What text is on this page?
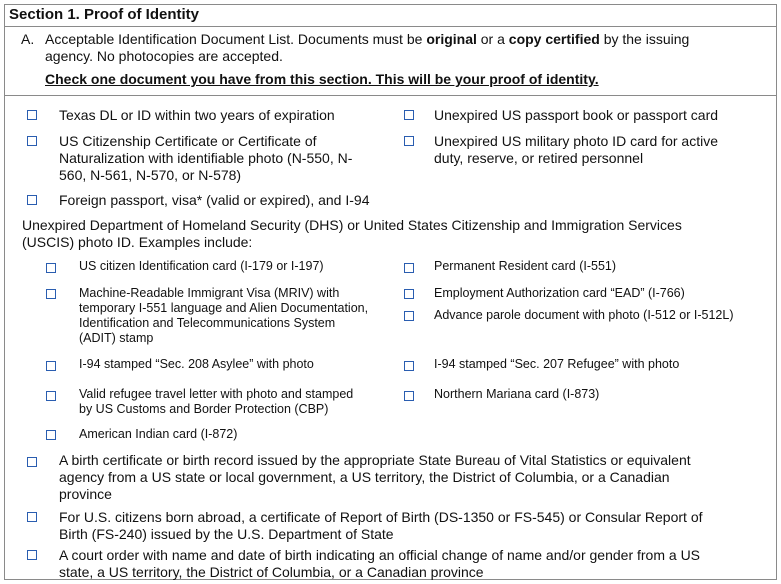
Section 1. Proof of Identity
A. Acceptable Identification Document List. Documents must be original or a copy certified by the issuing
agency. No photocopies are accepted.
Check one document you have from this section. This will be your proof of identity.
Texas DL or ID within two years of expiration	Unexpired US passport book or passport card
US Citizenship Certificate or Certificate of
Naturalization with identifiable photo (N-550, N-
560, N-561, N-570, or N-578)
Unexpired US military photo ID card for active
duty, reserve, or retired personnel
Foreign passport, visa* (valid or expired), and I-94
Unexpired Department of Homeland Security (DHS) or United States Citizenship and Immigration Services
(USCIS) photo ID. Examples include:
US citizen Identification card (I-179 or I-197)	Permanent Resident card (I-551)
Machine-Readable Immigrant Visa (MRIV) with
temporary I-551 language and Alien Documentation,
Identification and Telecommunications System
(ADIT) stamp
Employment Authorization card “EAD” (I-766)
Advance parole document with photo (I-512 or I-512L)
I-94 stamped “Sec. 208 Asylee” with photo	I-94 stamped “Sec. 207 Refugee” with photo
Valid refugee travel letter with photo and stamped
by US Customs and Border Protection (CBP)
Northern Mariana card (I-873)
American Indian card (I-872)
A birth certificate or birth record issued by the appropriate State Bureau of Vital Statistics or equivalent
agency from a US state or local government, a US territory, the District of Columbia, or a Canadian
province
For U.S. citizens born abroad, a certificate of Report of Birth (DS-1350 or FS-545) or Consular Report of
Birth (FS-240) issued by the U.S. Department of State
A court order with name and date of birth indicating an official change of name and/or gender from a US
state, a US territory, the District of Columbia, or a Canadian province
